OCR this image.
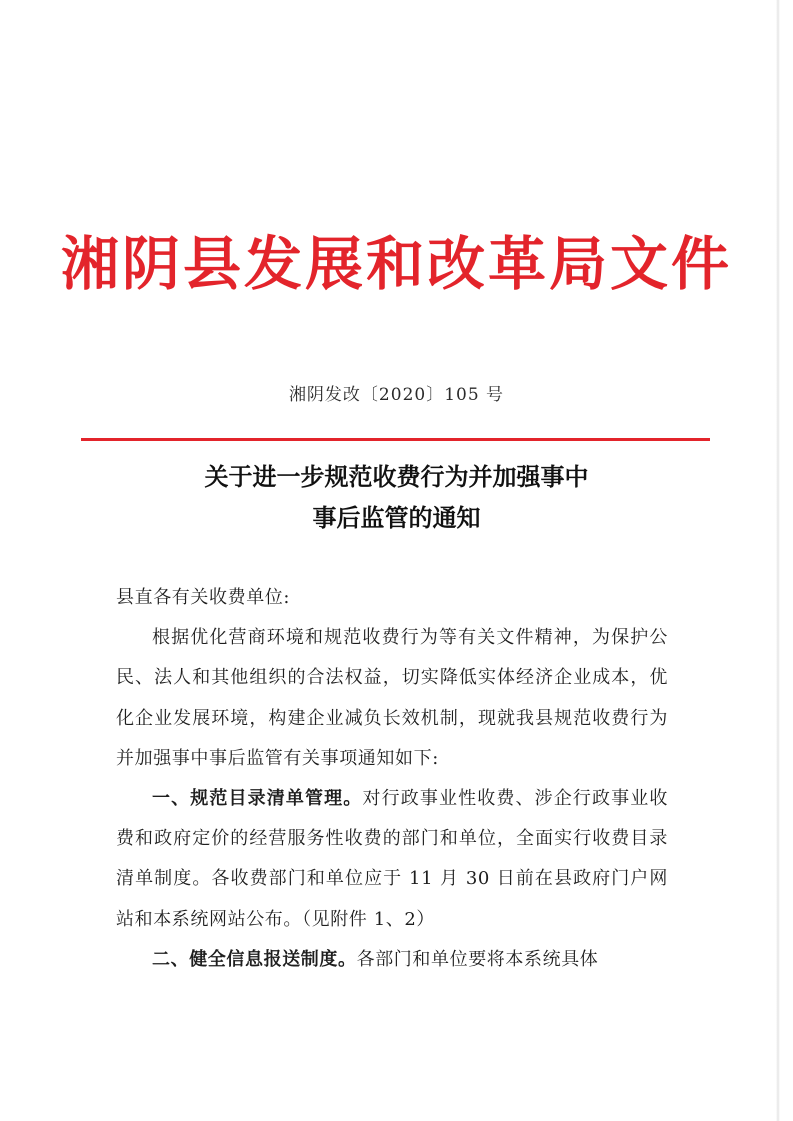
湘阴县发展和改革局文件
湘阴发改〔2020〕105 号
关于进一步规范收费行为并加强事中
事后监管的通知

县直各有关收费单位:

根据优化营商环境和规范收费行为等有关文件精神，为保护公民、法人和其他组织的合法权益，切实降低实体经济企业成本，优化企业发展环境，构建企业减负长效机制，现就我县规范收费行为并加强事中事后监管有关事项通知如下:

一、规范目录清单管理。对行政事业性收费、涉企行政事业收费和政府定价的经营服务性收费的部门和单位，全面实行收费目录清单制度。各收费部门和单位应于 11 月 30 日前在县政府门户网站和本系统网站公布。（见附件 1、2）

二、健全信息报送制度。各部门和单位要将本系统具体
